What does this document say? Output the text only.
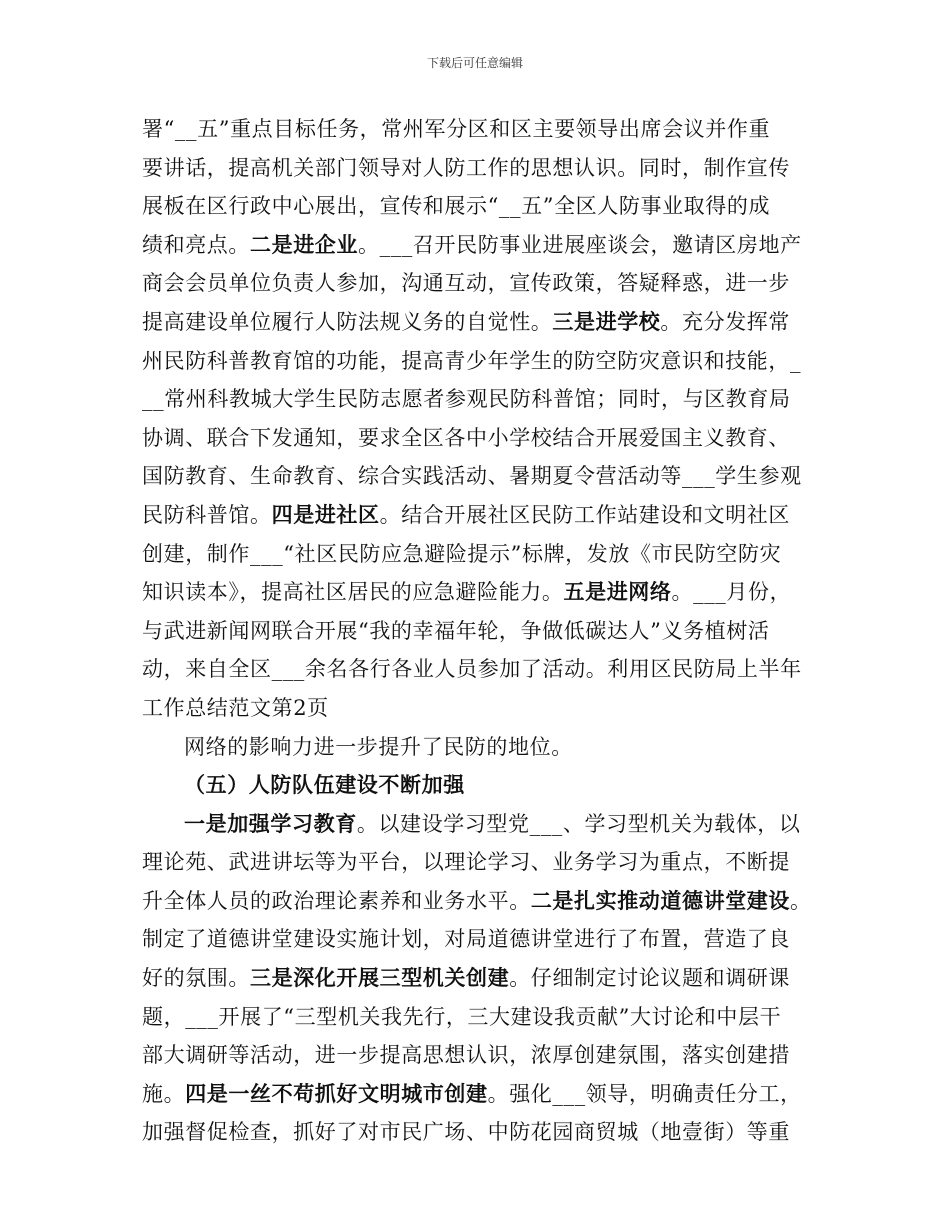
下载后可任意编辑
署“__五”重点目标任务，常州军分区和区主要领导出席会议并作重
要讲话，提高机关部门领导对人防工作的思想认识。同时，制作宣传
展板在区行政中心展出，宣传和展示“__五”全区人防事业取得的成
绩和亮点。二是进企业。___召开民防事业进展座谈会，邀请区房地产
商会会员单位负责人参加，沟通互动，宣传政策，答疑释惑，进一步
提高建设单位履行人防法规义务的自觉性。三是进学校。充分发挥常
州民防科普教育馆的功能，提高青少年学生的防空防灾意识和技能，_
__常州科教城大学生民防志愿者参观民防科普馆；同时，与区教育局
协调、联合下发通知，要求全区各中小学校结合开展爱国主义教育、
国防教育、生命教育、综合实践活动、暑期夏令营活动等___学生参观
民防科普馆。四是进社区。结合开展社区民防工作站建设和文明社区
创建，制作___“社区民防应急避险提示”标牌，发放《市民防空防灾
知识读本》，提高社区居民的应急避险能力。五是进网络。___月份，
与武进新闻网联合开展“我的幸福年轮，争做低碳达人”义务植树活
动，来自全区___余名各行各业人员参加了活动。利用区民防局上半年
工作总结范文第2页
网络的影响力进一步提升了民防的地位。
（五）人防队伍建设不断加强
一是加强学习教育。以建设学习型党___、学习型机关为载体，以
理论苑、武进讲坛等为平台，以理论学习、业务学习为重点，不断提
升全体人员的政治理论素养和业务水平。二是扎实推动道德讲堂建设。
制定了道德讲堂建设实施计划，对局道德讲堂进行了布置，营造了良
好的氛围。三是深化开展三型机关创建。仔细制定讨论议题和调研课
题，___开展了“三型机关我先行，三大建设我贡献”大讨论和中层干
部大调研等活动，进一步提高思想认识，浓厚创建氛围，落实创建措
施。四是一丝不苟抓好文明城市创建。强化___领导，明确责任分工，
加强督促检查，抓好了对市民广场、中防花园商贸城（地壹街）等重
